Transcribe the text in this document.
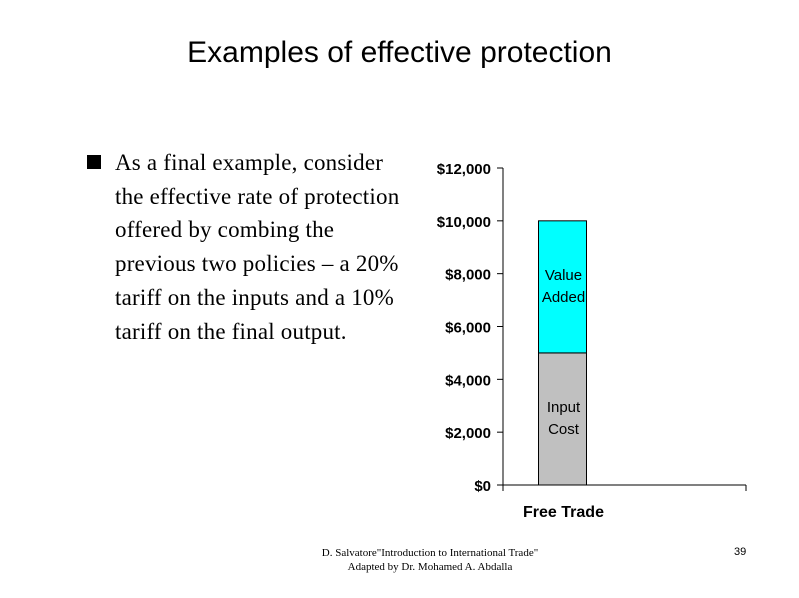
Examples of effective protection
As a final example, consider the effective rate of protection offered by combing the previous two policies – a 20% tariff on the inputs and a 10% tariff on the final output.
$0
$2,000
$4,000
$6,000
$8,000
$10,000
$12,000
Free Trade
Input
Cost
Value
Added
D. Salvatore"Introduction to International Trade"
Adapted by Dr. Mohamed A. Abdalla
39
